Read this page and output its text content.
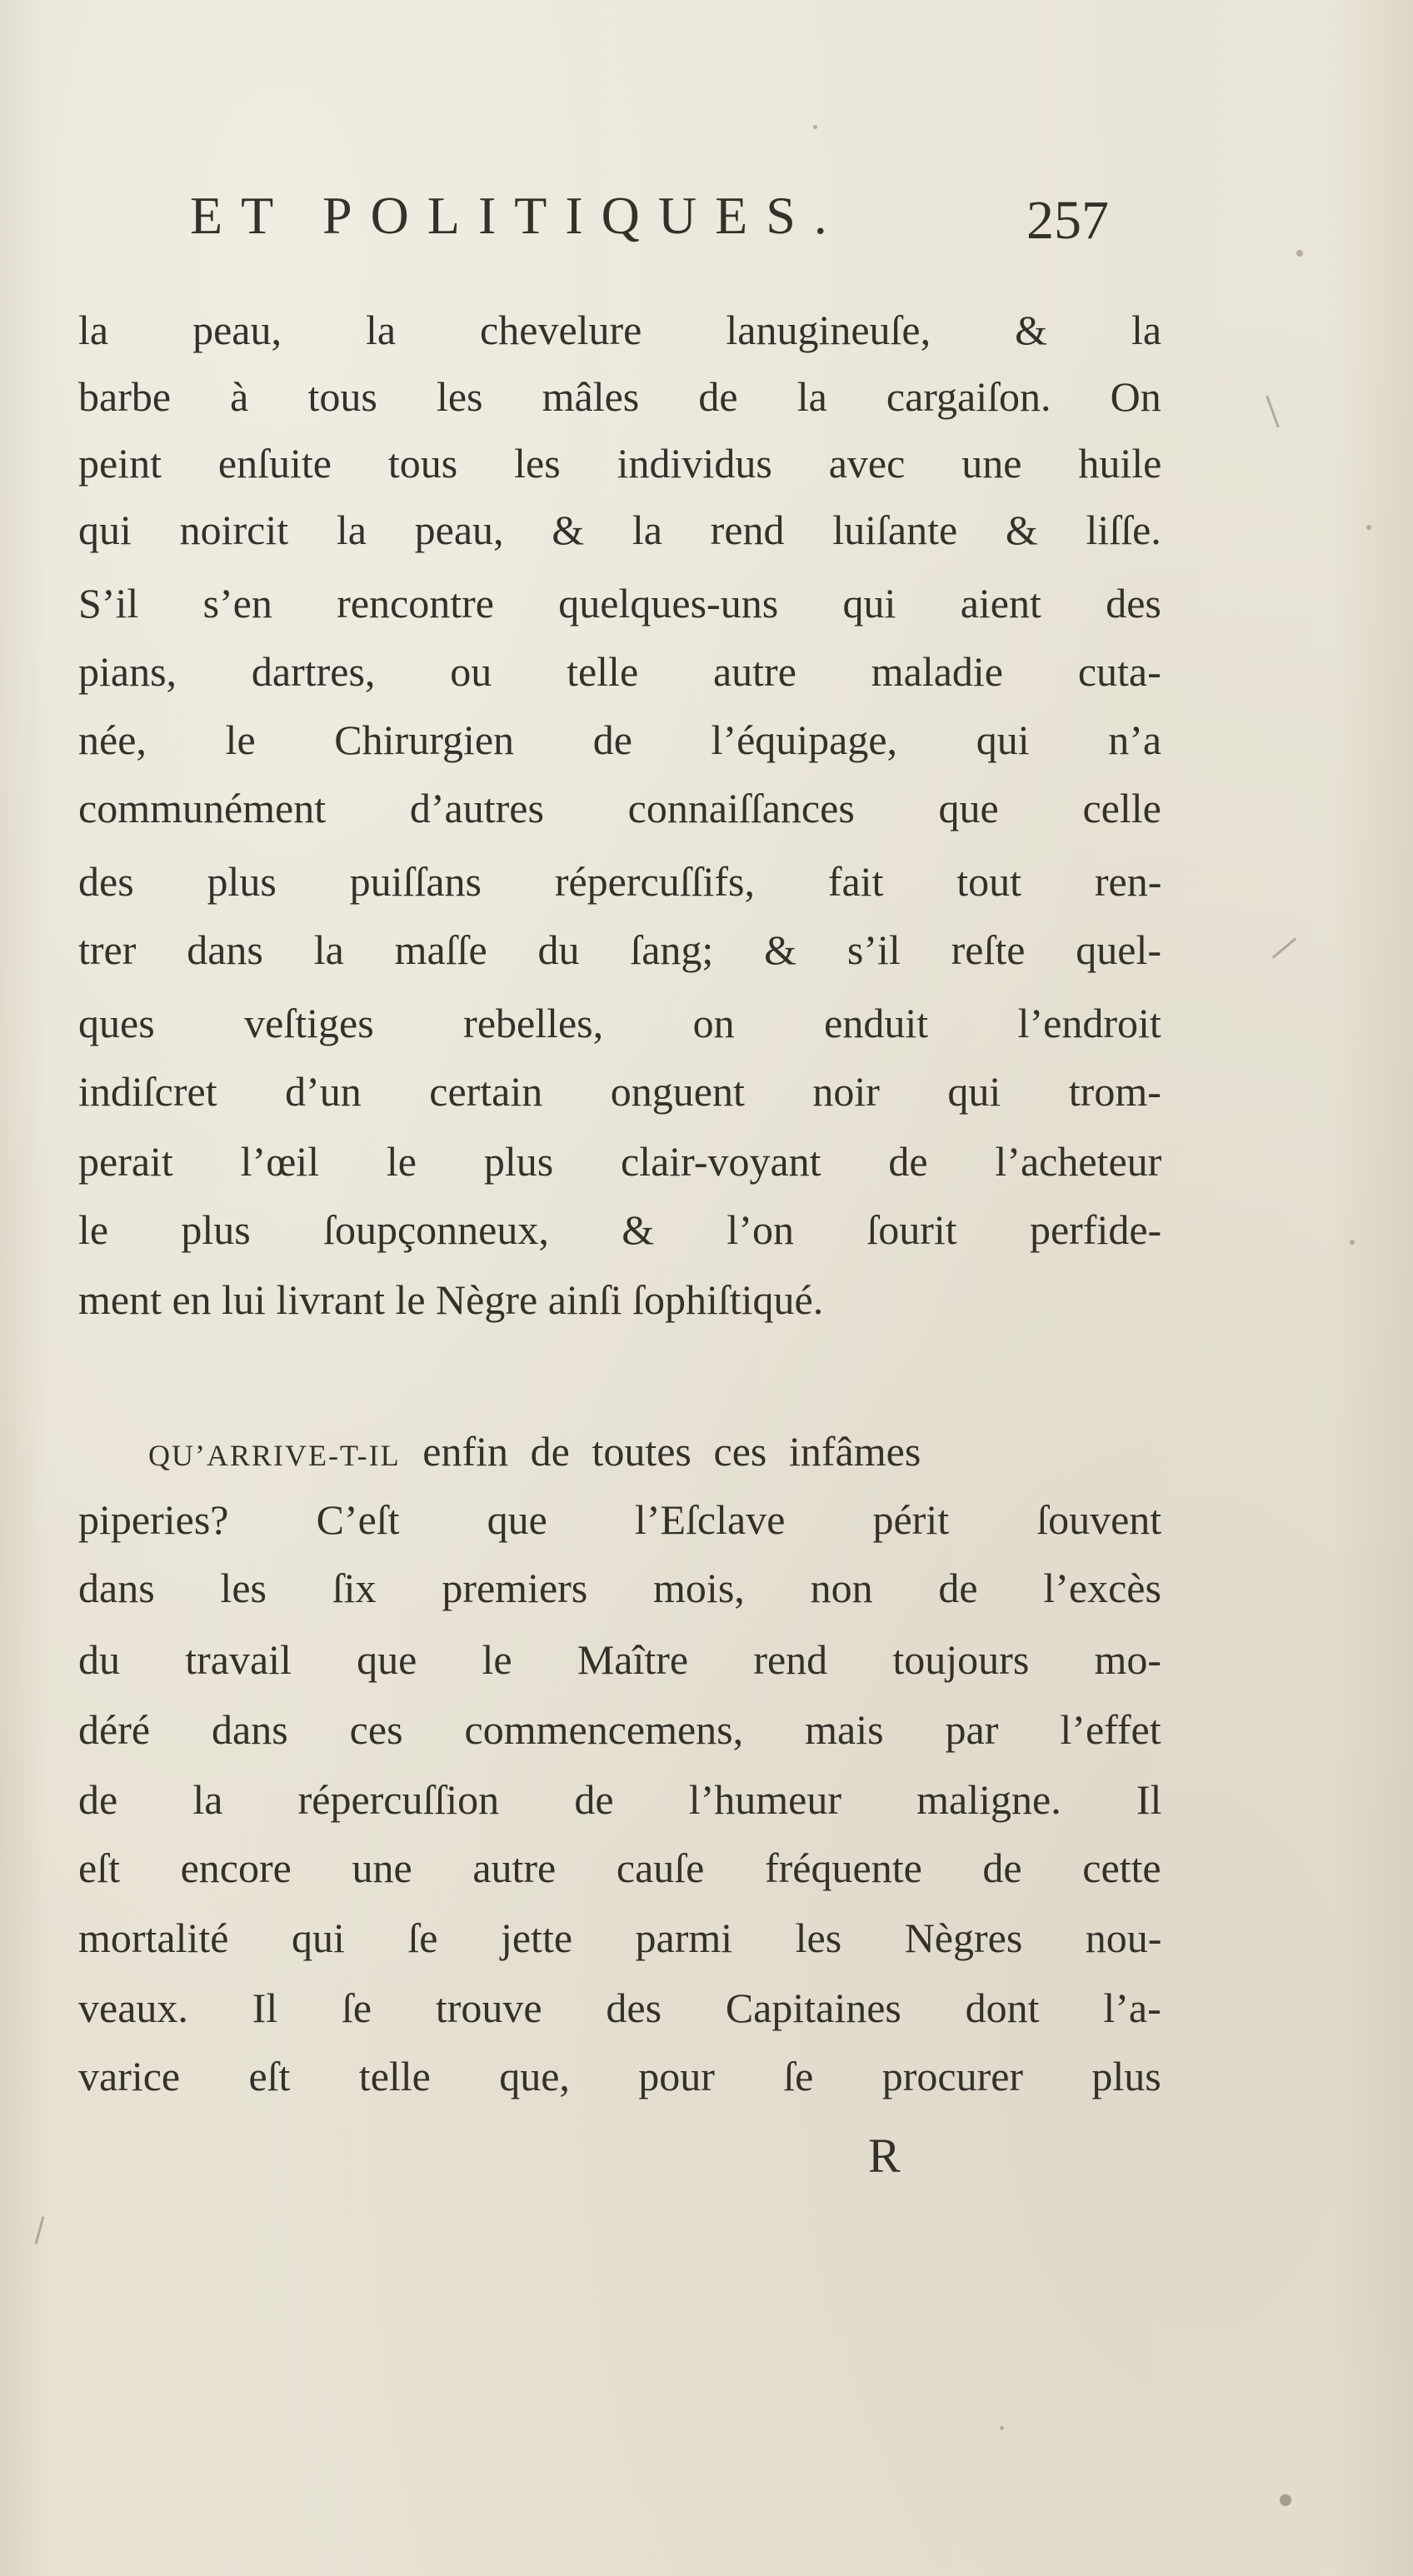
ET POLITIQUES.	257
la peau, la chevelure lanugineuſe, & la
barbe à tous les mâles de la cargaiſon. On
peint enſuite tous les individus avec une huile
qui noircit la peau, & la rend luiſante & liſſe.
S’il s’en rencontre quelques-uns qui aient des
pians, dartres, ou telle autre maladie cuta-
née, le Chirurgien de l’équipage, qui n’a
communément d’autres connaiſſances que celle
des plus puiſſans répercuſſifs, fait tout ren-
trer dans la maſſe du ſang; & s’il reſte quel-
ques veſtiges rebelles, on enduit l’endroit
indiſcret d’un certain onguent noir qui trom-
perait l’œil le plus clair-voyant de l’acheteur
le plus ſoupçonneux, & l’on ſourit perfide-
ment en lui livrant le Nègre ainſi ſophiſtiqué.
QU’ARRIVE-T-IL enfin de toutes ces infâmes
piperies? C’eſt que l’Eſclave périt ſouvent
dans les ſix premiers mois, non de l’excès
du travail que le Maître rend toujours mo-
déré dans ces commencemens, mais par l’effet
de la répercuſſion de l’humeur maligne. Il
eſt encore une autre cauſe fréquente de cette
mortalité qui ſe jette parmi les Nègres nou-
veaux. Il ſe trouve des Capitaines dont l’a-
varice eſt telle que, pour ſe procurer plus
R
